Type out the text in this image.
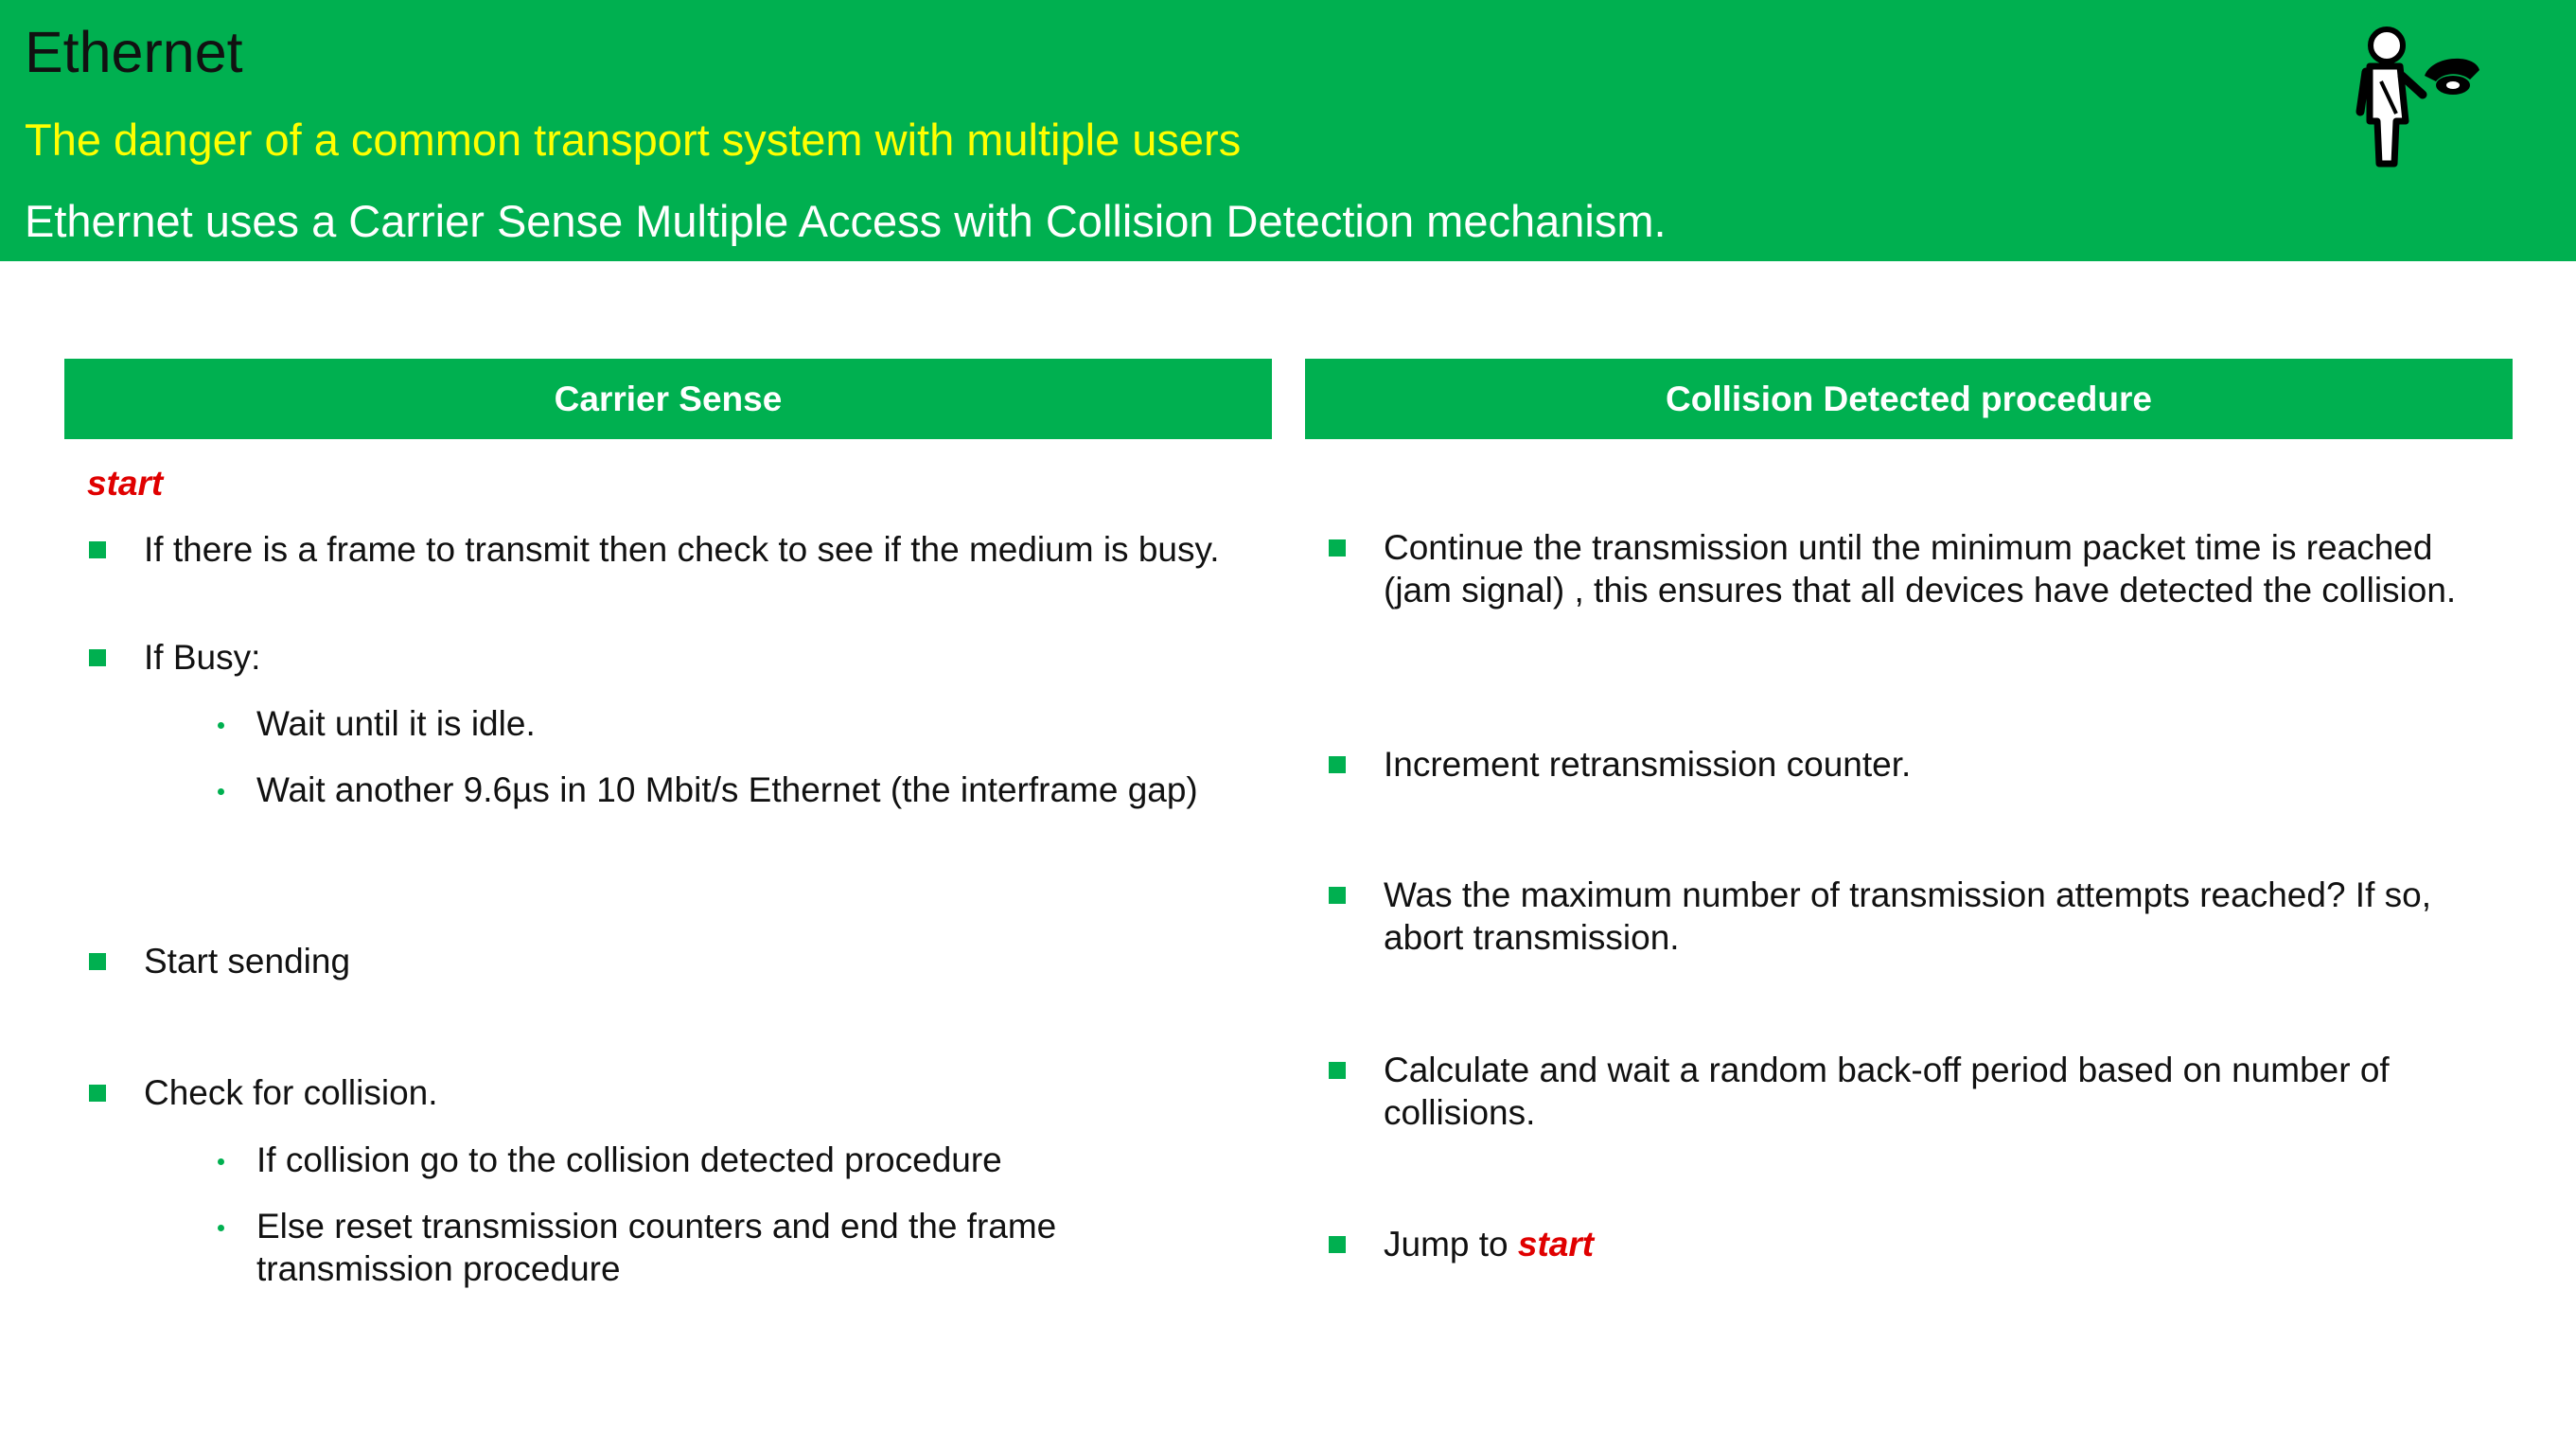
Ethernet
The danger of a common transport system with multiple users
Ethernet uses a Carrier Sense Multiple Access with Collision Detection mechanism.
Carrier Sense
start
If there is a frame to transmit then check to see if the medium is busy.
If Busy:
Wait until it is idle.
Wait another 9.6µs in 10 Mbit/s Ethernet (the interframe gap)
Start sending
Check for collision.
If collision go to the collision detected procedure
Else reset transmission counters and end the frame transmission procedure
Collision Detected procedure
Continue the transmission until the minimum packet time is reached (jam signal) , this ensures that all devices have detected the collision.
Increment retransmission counter.
Was the maximum number of transmission attempts reached? If so, abort transmission.
Calculate and wait a random back-off period based on number of collisions.
Jump to start
